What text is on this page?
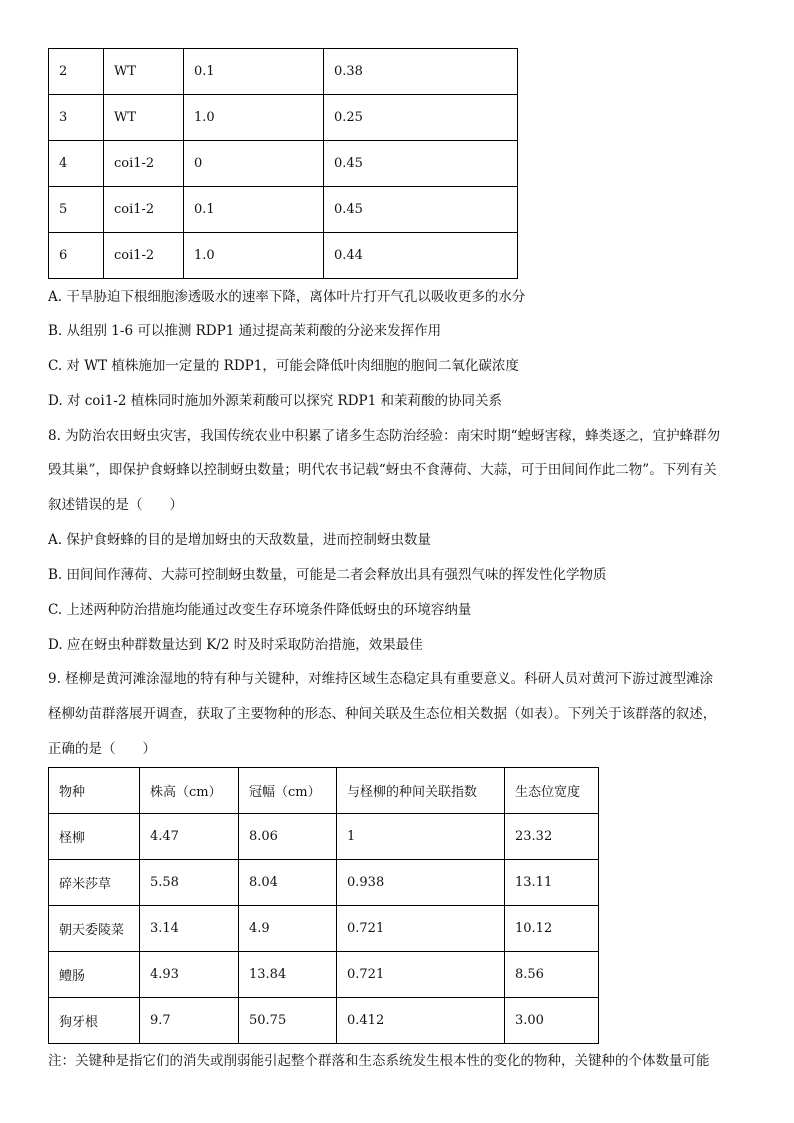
2	WT	0.1	0.38
3	WT	1.0	0.25
4	coi1-2	0	0.45
5	coi1-2	0.1	0.45
6	coi1-2	1.0	0.44
A. 干旱胁迫下根细胞渗透吸水的速率下降，离体叶片打开气孔以吸收更多的水分
B. 从组别 1-6 可以推测 RDP1 通过提高茉莉酸的分泌来发挥作用
C. 对 WT 植株施加一定量的 RDP1，可能会降低叶肉细胞的胞间二氧化碳浓度
D. 对 coi1-2 植株同时施加外源茉莉酸可以探究 RDP1 和茉莉酸的协同关系
8. 为防治农田蚜虫灾害，我国传统农业中积累了诸多生态防治经验：南宋时期“蝗蚜害稼，蜂类逐之，宜护蜂群勿
毁其巢”，即保护食蚜蜂以控制蚜虫数量；明代农书记载“蚜虫不食薄荷、大蒜，可于田间间作此二物”。下列有关
叙述错误的是（　　）
A. 保护食蚜蜂的目的是增加蚜虫的天敌数量，进而控制蚜虫数量
B. 田间间作薄荷、大蒜可控制蚜虫数量，可能是二者会释放出具有强烈气味的挥发性化学物质
C. 上述两种防治措施均能通过改变生存环境条件降低蚜虫的环境容纳量
D. 应在蚜虫种群数量达到 K/2 时及时采取防治措施，效果最佳
9. 柽柳是黄河滩涂湿地的特有种与关键种，对维持区域生态稳定具有重要意义。科研人员对黄河下游过渡型滩涂
柽柳幼苗群落展开调查，获取了主要物种的形态、种间关联及生态位相关数据（如表）。下列关于该群落的叙述，
正确的是（　　）
物种	株高（cm）	冠幅（cm）	与柽柳的种间关联指数	生态位宽度
柽柳	4.47	8.06	1	23.32
碎米莎草	5.58	8.04	0.938	13.11
朝天委陵菜	3.14	4.9	0.721	10.12
鳢肠	4.93	13.84	0.721	8.56
狗牙根	9.7	50.75	0.412	3.00
注：关键种是指它们的消失或削弱能引起整个群落和生态系统发生根本性的变化的物种，关键种的个体数量可能
